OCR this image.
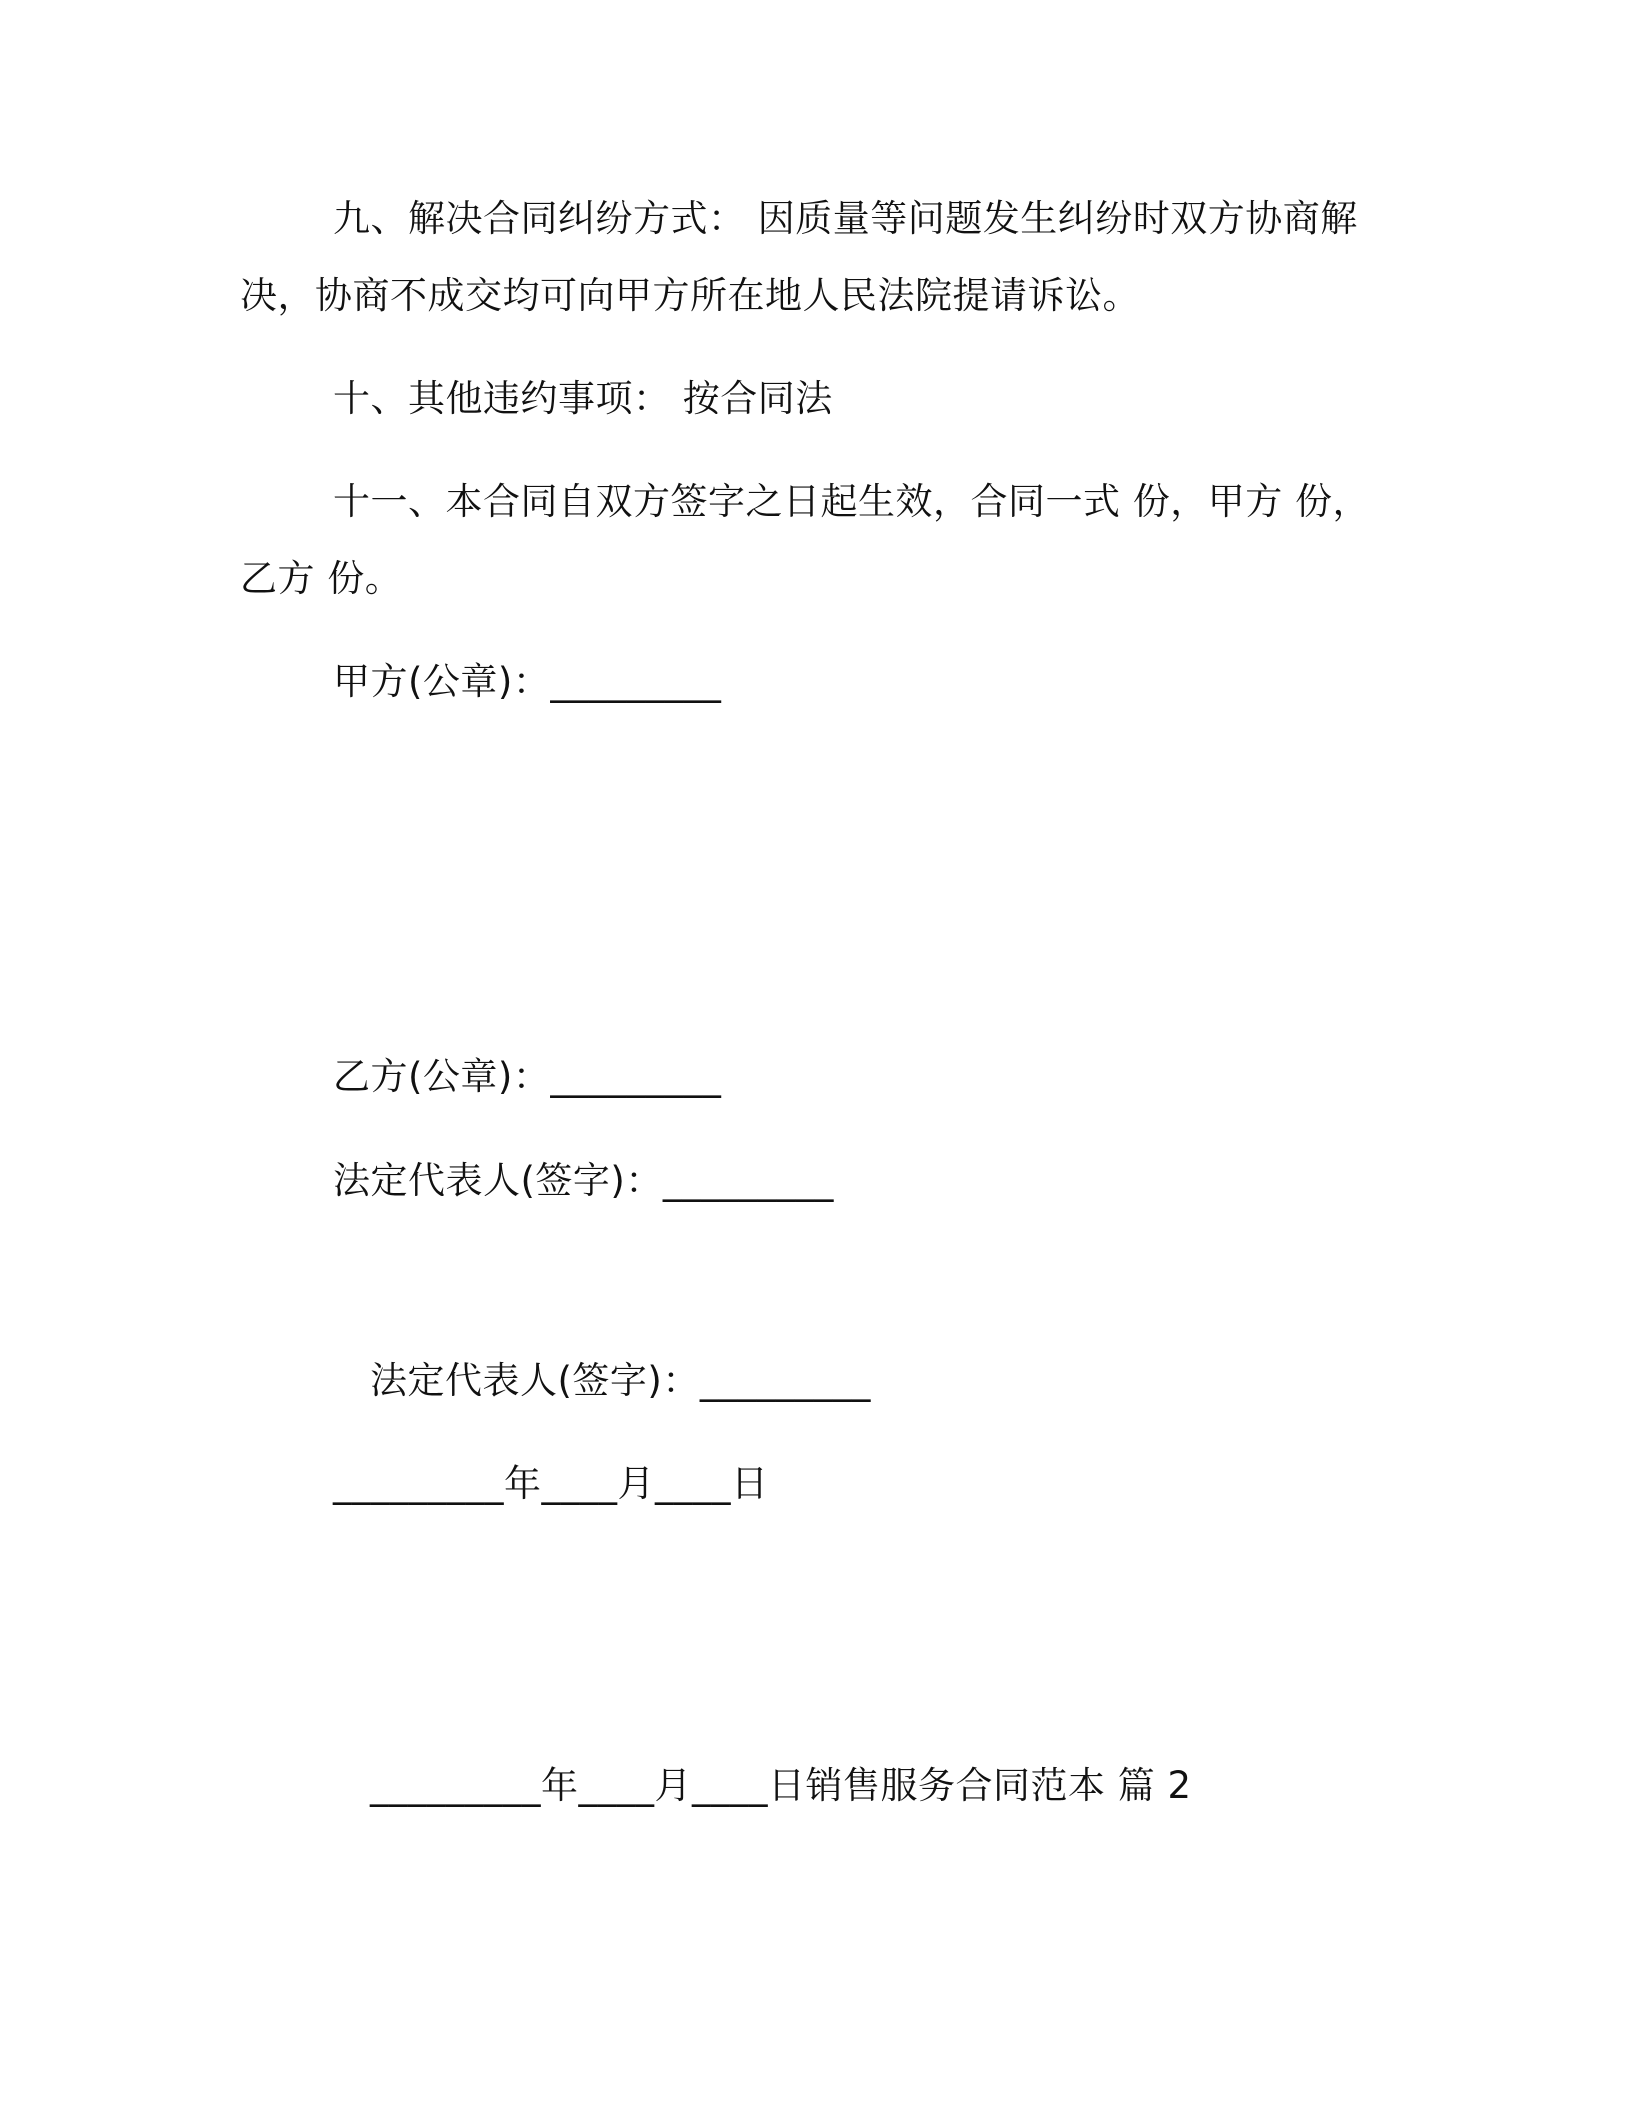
九、解决合同纠纷方式： 因质量等问题发生纠纷时双方协商解
决，协商不成交均可向甲方所在地人民法院提请诉讼。
十、其他违约事项： 按合同法
十一、本合同自双方签字之日起生效，合同一式 份，甲方 份，
乙方 份。
甲方(公章)：_________
乙方(公章)：_________
法定代表人(签字)：_________
法定代表人(签字)：_________
_________年____月____日
_________年____月____日销售服务合同范本 篇 2
